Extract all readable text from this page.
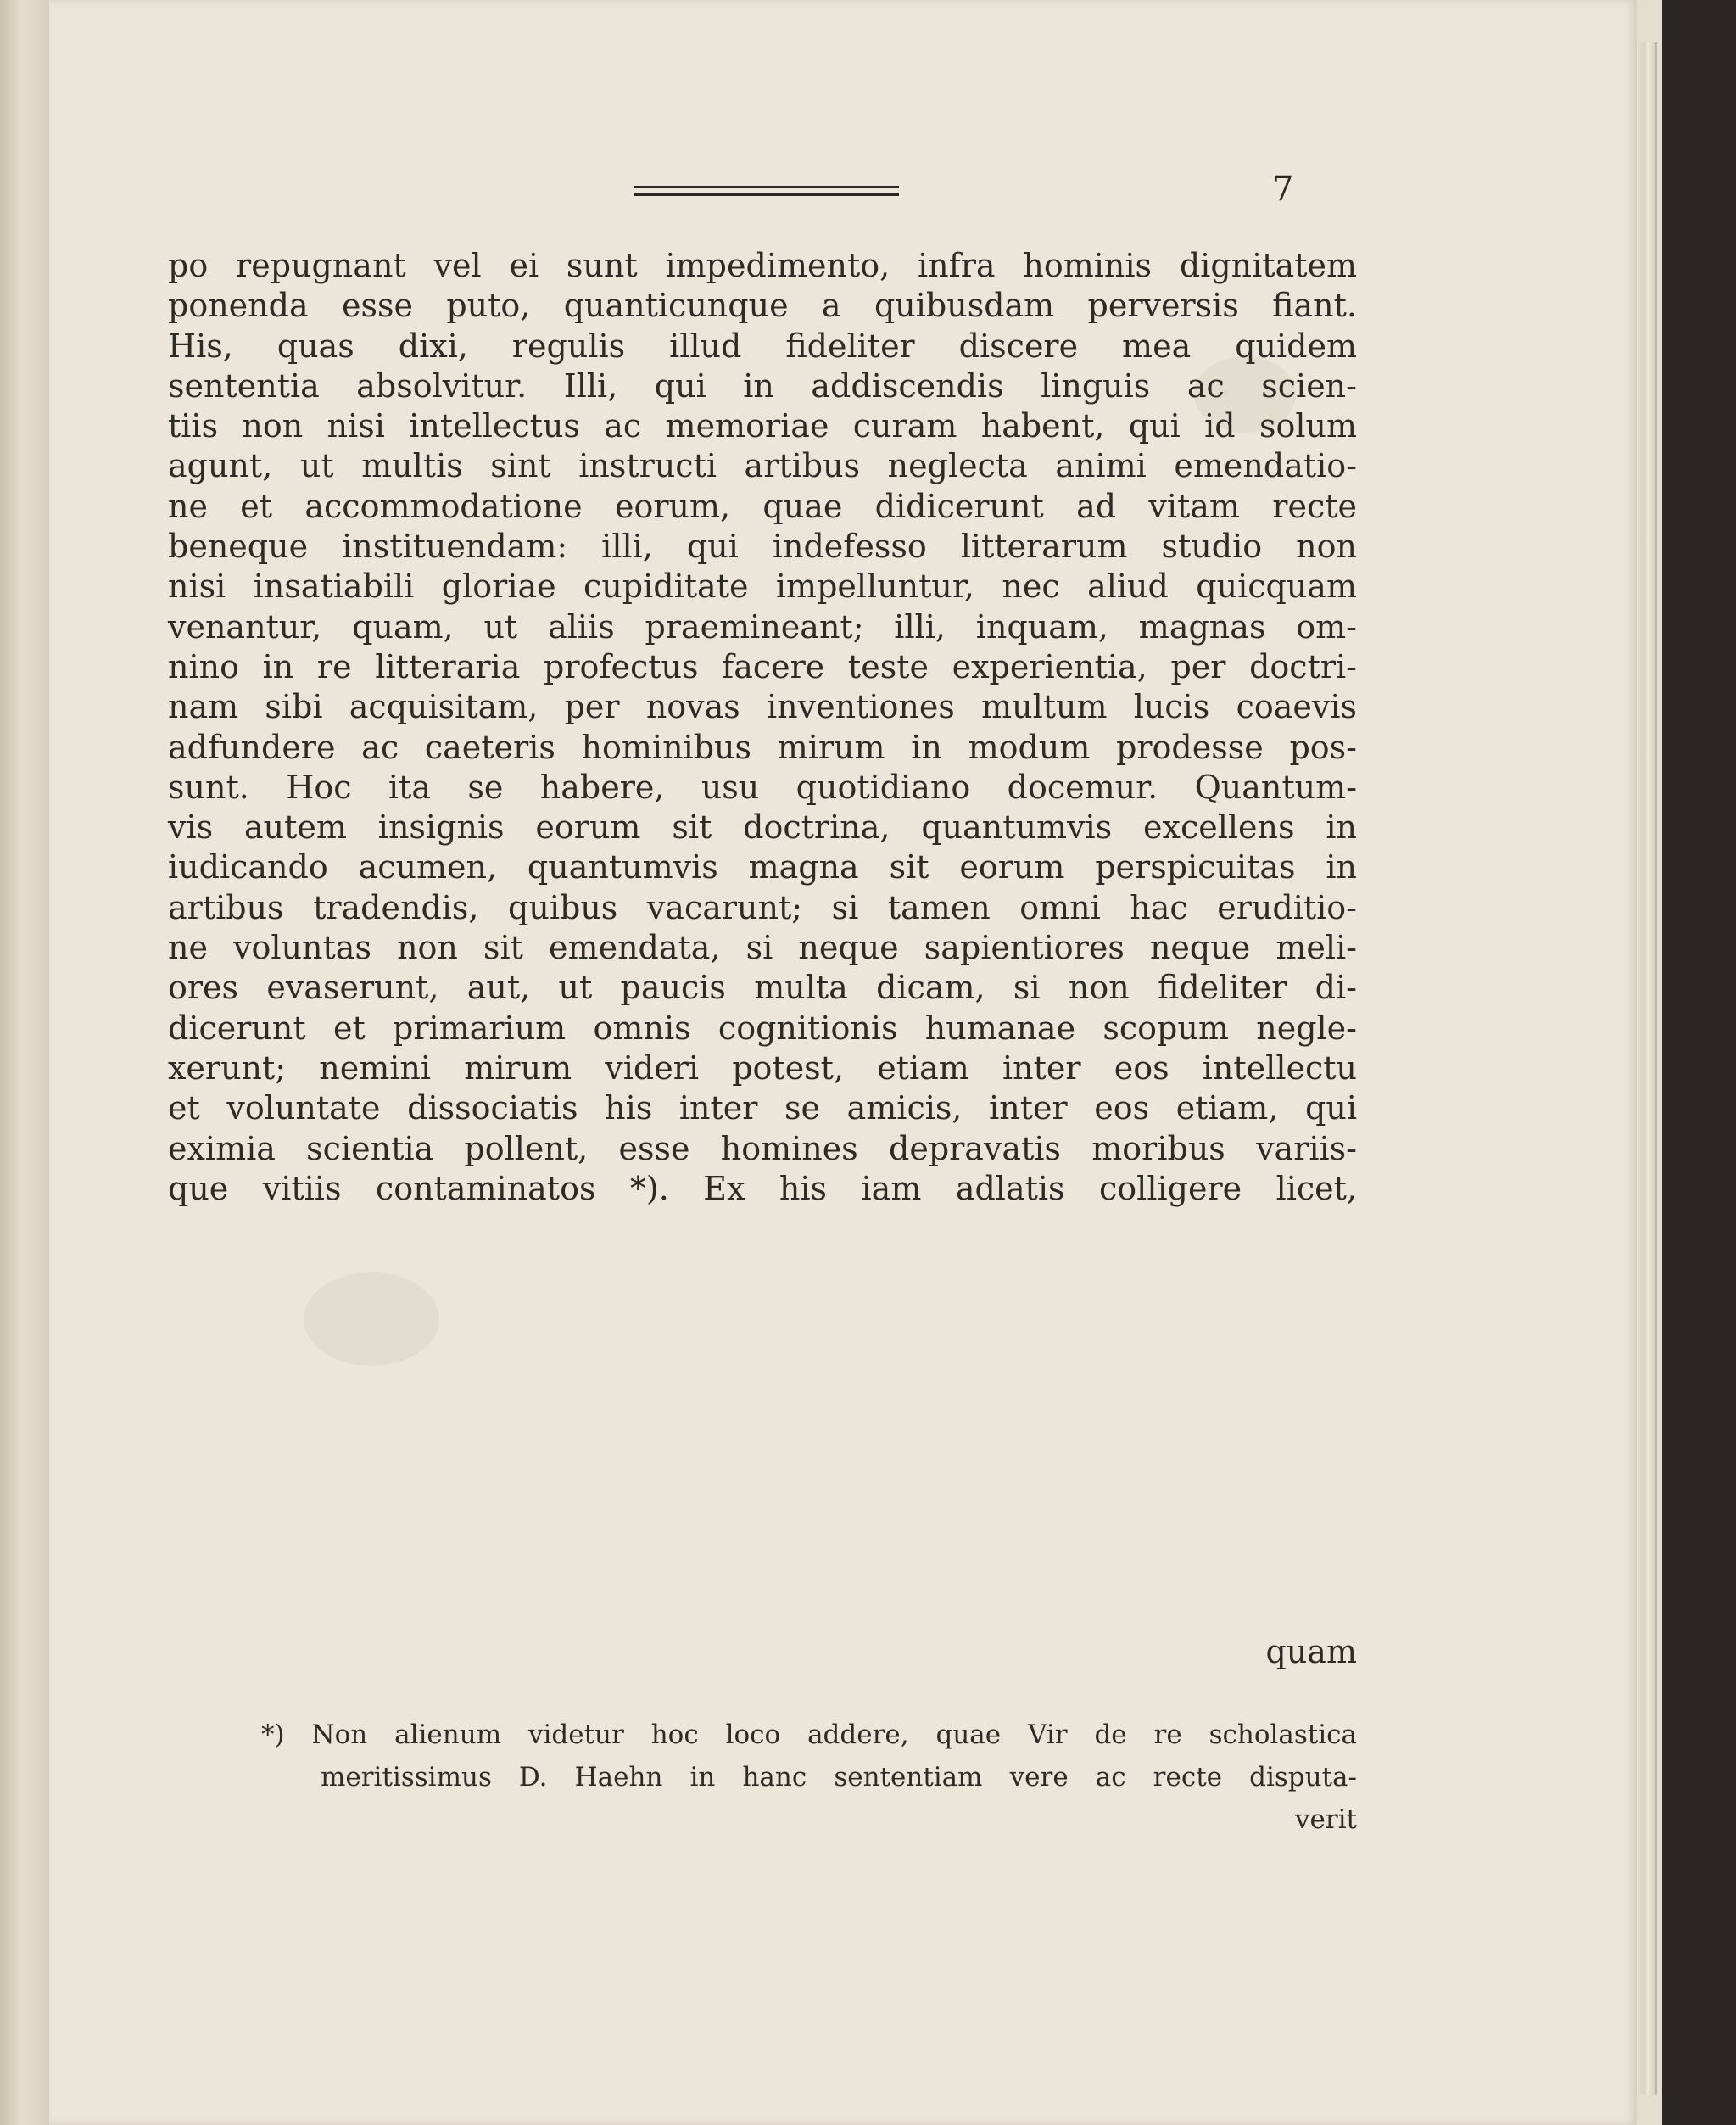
7
po repugnant vel ei sunt impedimento, infra hominis dignitatem
ponenda esse puto, quanticunque a quibusdam perversis fiant.
His, quas dixi, regulis illud fideliter discere mea quidem
sententia absolvitur. Illi, qui in addiscendis linguis ac scien-
tiis non nisi intellectus ac memoriae curam habent, qui id solum
agunt, ut multis sint instructi artibus neglecta animi emendatio-
ne et accommodatione eorum, quae didicerunt ad vitam recte
beneque instituendam: illi, qui indefesso litterarum studio non
nisi insatiabili gloriae cupiditate impelluntur, nec aliud quicquam
venantur, quam, ut aliis praemineant; illi, inquam, magnas om-
nino in re litteraria profectus facere teste experientia, per doctri-
nam sibi acquisitam, per novas inventiones multum lucis coaevis
adfundere ac caeteris hominibus mirum in modum prodesse pos-
sunt. Hoc ita se habere, usu quotidiano docemur. Quantum-
vis autem insignis eorum sit doctrina, quantumvis excellens in
iudicando acumen, quantumvis magna sit eorum perspicuitas in
artibus tradendis, quibus vacarunt; si tamen omni hac eruditio-
ne voluntas non sit emendata, si neque sapientiores neque meli-
ores evaserunt, aut, ut paucis multa dicam, si non fideliter di-
dicerunt et primarium omnis cognitionis humanae scopum negle-
xerunt; nemini mirum videri potest, etiam inter eos intellectu
et voluntate dissociatis his inter se amicis, inter eos etiam, qui
eximia scientia pollent, esse homines depravatis moribus variis-
que vitiis contaminatos *). Ex his iam adlatis colligere licet,
quam
*) Non alienum videtur hoc loco addere, quae Vir de re scholastica
meritissimus D. Haehn in hanc sententiam vere ac recte disputa-
verit
